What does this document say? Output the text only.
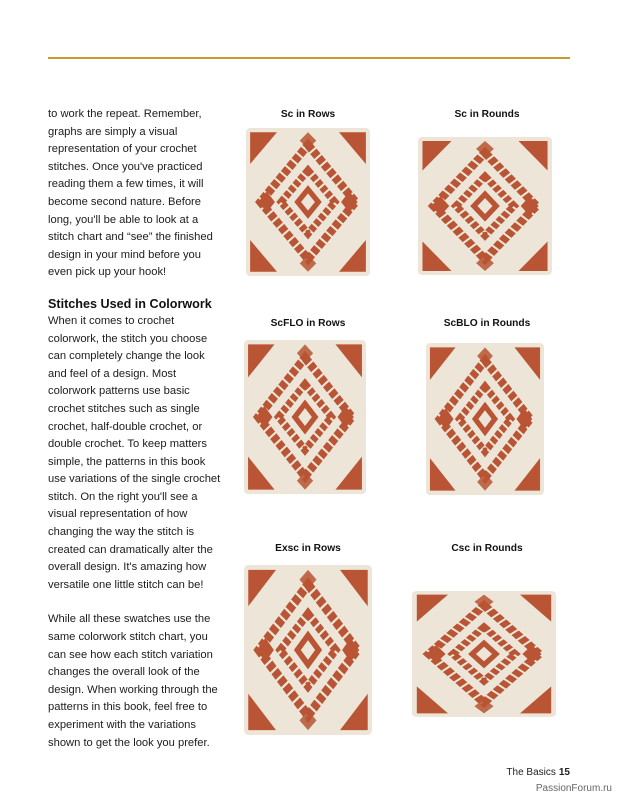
to work the repeat. Remember, graphs are simply a visual representation of your crochet stitches. Once you've practiced reading them a few times, it will become second nature. Before long, you'll be able to look at a stitch chart and “see” the finished design in your mind before you even pick up your hook!

Stitches Used in Colorwork

When it comes to crochet colorwork, the stitch you choose can completely change the look and feel of a design. Most colorwork patterns use basic crochet stitches such as single crochet, half-double crochet, or double crochet. To keep matters simple, the patterns in this book use variations of the single crochet stitch. On the right you'll see a visual representation of how changing the way the stitch is created can dramatically alter the overall design. It's amazing how versatile one little stitch can be!

While all these swatches use the same colorwork stitch chart, you can see how each stitch variation changes the overall look of the design. When working through the patterns in this book, feel free to experiment with the variations shown to get the look you prefer.

Sc in Rows	Sc in Rounds
ScFLO in Rows	ScBLO in Rounds
Exsc in Rows	Csc in Rounds
The Basics 15
PassionForum.ru
